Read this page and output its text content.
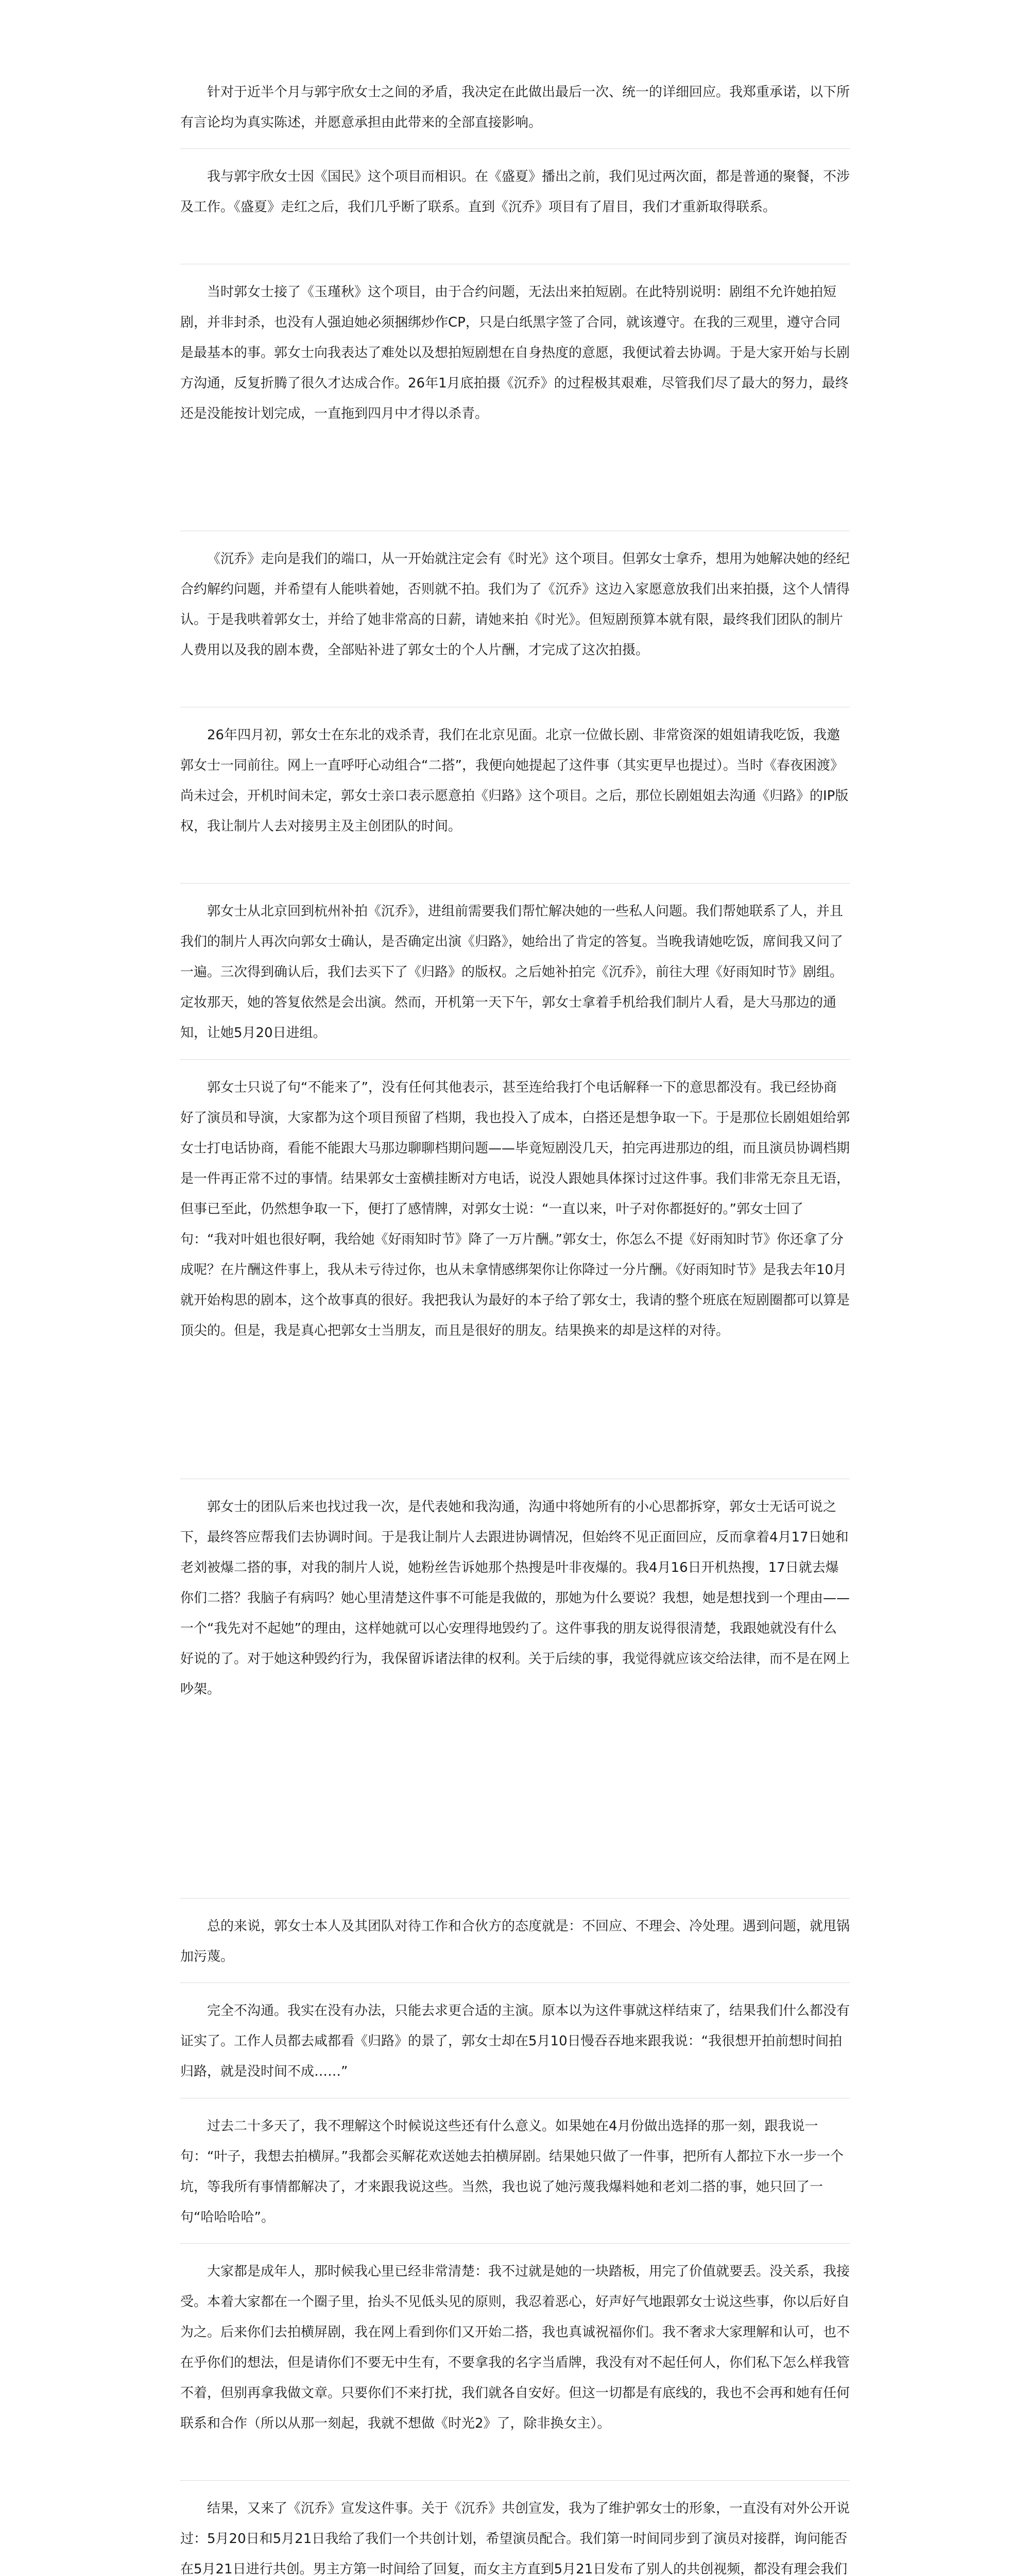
针对于近半个月与郭宇欣女士之间的矛盾，我决定在此做出最后一次、统一的详细回应。我郑重承诺，以下所有言论均为真实陈述，并愿意承担由此带来的全部直接影响。

我与郭宇欣女士因《国民》这个项目而相识。在《盛夏》播出之前，我们见过两次面，都是普通的聚餐，不涉及工作。《盛夏》走红之后，我们几乎断了联系。直到《沉乔》项目有了眉目，我们才重新取得联系。

当时郭女士接了《玉瑾秋》这个项目，由于合约问题，无法出来拍短剧。在此特别说明：剧组不允许她拍短剧，并非封杀，也没有人强迫她必须捆绑炒作CP，只是白纸黑字签了合同，就该遵守。在我的三观里，遵守合同是最基本的事。郭女士向我表达了难处以及想拍短剧想在自身热度的意愿，我便试着去协调。于是大家开始与长剧方沟通，反复折腾了很久才达成合作。26年1月底拍摄《沉乔》的过程极其艰难，尽管我们尽了最大的努力，最终还是没能按计划完成，一直拖到四月中才得以杀青。

《沉乔》走向是我们的端口，从一开始就注定会有《时光》这个项目。但郭女士拿乔，想用为她解决她的经纪合约解约问题，并希望有人能哄着她，否则就不拍。我们为了《沉乔》这边入家愿意放我们出来拍摄，这个人情得认。于是我哄着郭女士，并给了她非常高的日薪，请她来拍《时光》。但短剧预算本就有限，最终我们团队的制片人费用以及我的剧本费，全部贴补进了郭女士的个人片酬，才完成了这次拍摄。

26年四月初，郭女士在东北的戏杀青，我们在北京见面。北京一位做长剧、非常资深的姐姐请我吃饭，我邀郭女士一同前往。网上一直呼吁心动组合“二搭”，我便向她提起了这件事（其实更早也提过）。当时《春夜困渡》尚未过会，开机时间未定，郭女士亲口表示愿意拍《归路》这个项目。之后，那位长剧姐姐去沟通《归路》的IP版权，我让制片人去对接男主及主创团队的时间。

郭女士从北京回到杭州补拍《沉乔》，进组前需要我们帮忙解决她的一些私人问题。我们帮她联系了人，并且我们的制片人再次向郭女士确认，是否确定出演《归路》，她给出了肯定的答复。当晚我请她吃饭，席间我又问了一遍。三次得到确认后，我们去买下了《归路》的版权。之后她补拍完《沉乔》，前往大理《好雨知时节》剧组。定妆那天，她的答复依然是会出演。然而，开机第一天下午，郭女士拿着手机给我们制片人看，是大马那边的通知，让她5月20日进组。

郭女士只说了句“不能来了”，没有任何其他表示，甚至连给我打个电话解释一下的意思都没有。我已经协商好了演员和导演，大家都为这个项目预留了档期，我也投入了成本，白搭还是想争取一下。于是那位长剧姐姐给郭女士打电话协商，看能不能跟大马那边聊聊档期问题——毕竟短剧没几天，拍完再进那边的组，而且演员协调档期是一件再正常不过的事情。结果郭女士蛮横挂断对方电话，说没人跟她具体探讨过这件事。我们非常无奈且无语，但事已至此，仍然想争取一下，便打了感情牌，对郭女士说：“一直以来，叶子对你都挺好的。”郭女士回了句：“我对叶姐也很好啊，我给她《好雨知时节》降了一万片酬。”郭女士，你怎么不提《好雨知时节》你还拿了分成呢？在片酬这件事上，我从未亏待过你，也从未拿情感绑架你让你降过一分片酬。《好雨知时节》是我去年10月就开始构思的剧本，这个故事真的很好。我把我认为最好的本子给了郭女士，我请的整个班底在短剧圈都可以算是顶尖的。但是，我是真心把郭女士当朋友，而且是很好的朋友。结果换来的却是这样的对待。

郭女士的团队后来也找过我一次，是代表她和我沟通，沟通中将她所有的小心思都拆穿，郭女士无话可说之下，最终答应帮我们去协调时间。于是我让制片人去跟进协调情况，但始终不见正面回应，反而拿着4月17日她和老刘被爆二搭的事，对我的制片人说，她粉丝告诉她那个热搜是叶非夜爆的。我4月16日开机热搜，17日就去爆你们二搭？我脑子有病吗？她心里清楚这件事不可能是我做的，那她为什么要说？我想，她是想找到一个理由——一个“我先对不起她”的理由，这样她就可以心安理得地毁约了。这件事我的朋友说得很清楚，我跟她就没有什么好说的了。对于她这种毁约行为，我保留诉诸法律的权利。关于后续的事，我觉得就应该交给法律，而不是在网上吵架。

总的来说，郭女士本人及其团队对待工作和合伙方的态度就是：不回应、不理会、冷处理。遇到问题，就甩锅加污蔑。

完全不沟通。我实在没有办法，只能去求更合适的主演。原本以为这件事就这样结束了，结果我们什么都没有证实了。工作人员都去咸都看《归路》的景了，郭女士却在5月10日慢吞吞地来跟我说：“我很想开拍前想时间拍归路，就是没时间不成……”

过去二十多天了，我不理解这个时候说这些还有什么意义。如果她在4月份做出选择的那一刻，跟我说一句：“叶子，我想去拍横屏。”我都会买解花欢送她去拍横屏剧。结果她只做了一件事，把所有人都拉下水一步一个坑，等我所有事情都解决了，才来跟我说这些。当然，我也说了她污蔑我爆料她和老刘二搭的事，她只回了一句“哈哈哈哈”。

大家都是成年人，那时候我心里已经非常清楚：我不过就是她的一块踏板，用完了价值就要丢。没关系，我接受。本着大家都在一个圈子里，抬头不见低头见的原则，我忍着恶心，好声好气地跟郭女士说这些事，你以后好自为之。后来你们去拍横屏剧，我在网上看到你们又开始二搭，我也真诚祝福你们。我不奢求大家理解和认可，也不在乎你们的想法，但是请你们不要无中生有，不要拿我的名字当盾牌，我没有对不起任何人，你们私下怎么样我管不着，但别再拿我做文章。只要你们不来打扰，我们就各自安好。但这一切都是有底线的，我也不会再和她有任何联系和合作（所以从那一刻起，我就不想做《时光2》了，除非换女主）。

结果，又来了《沉乔》宣发这件事。关于《沉乔》共创宣发，我为了维护郭女士的形象，一直没有对外公开说过：5月20日和5月21日我给了我们一个共创计划，希望演员配合。我们第一时间同步到了演员对接群，询问能否在5月21日进行共创。男主方第一时间给了回复，而女主方直到5月21日发布了别人的共创视频，都没有理会我们
